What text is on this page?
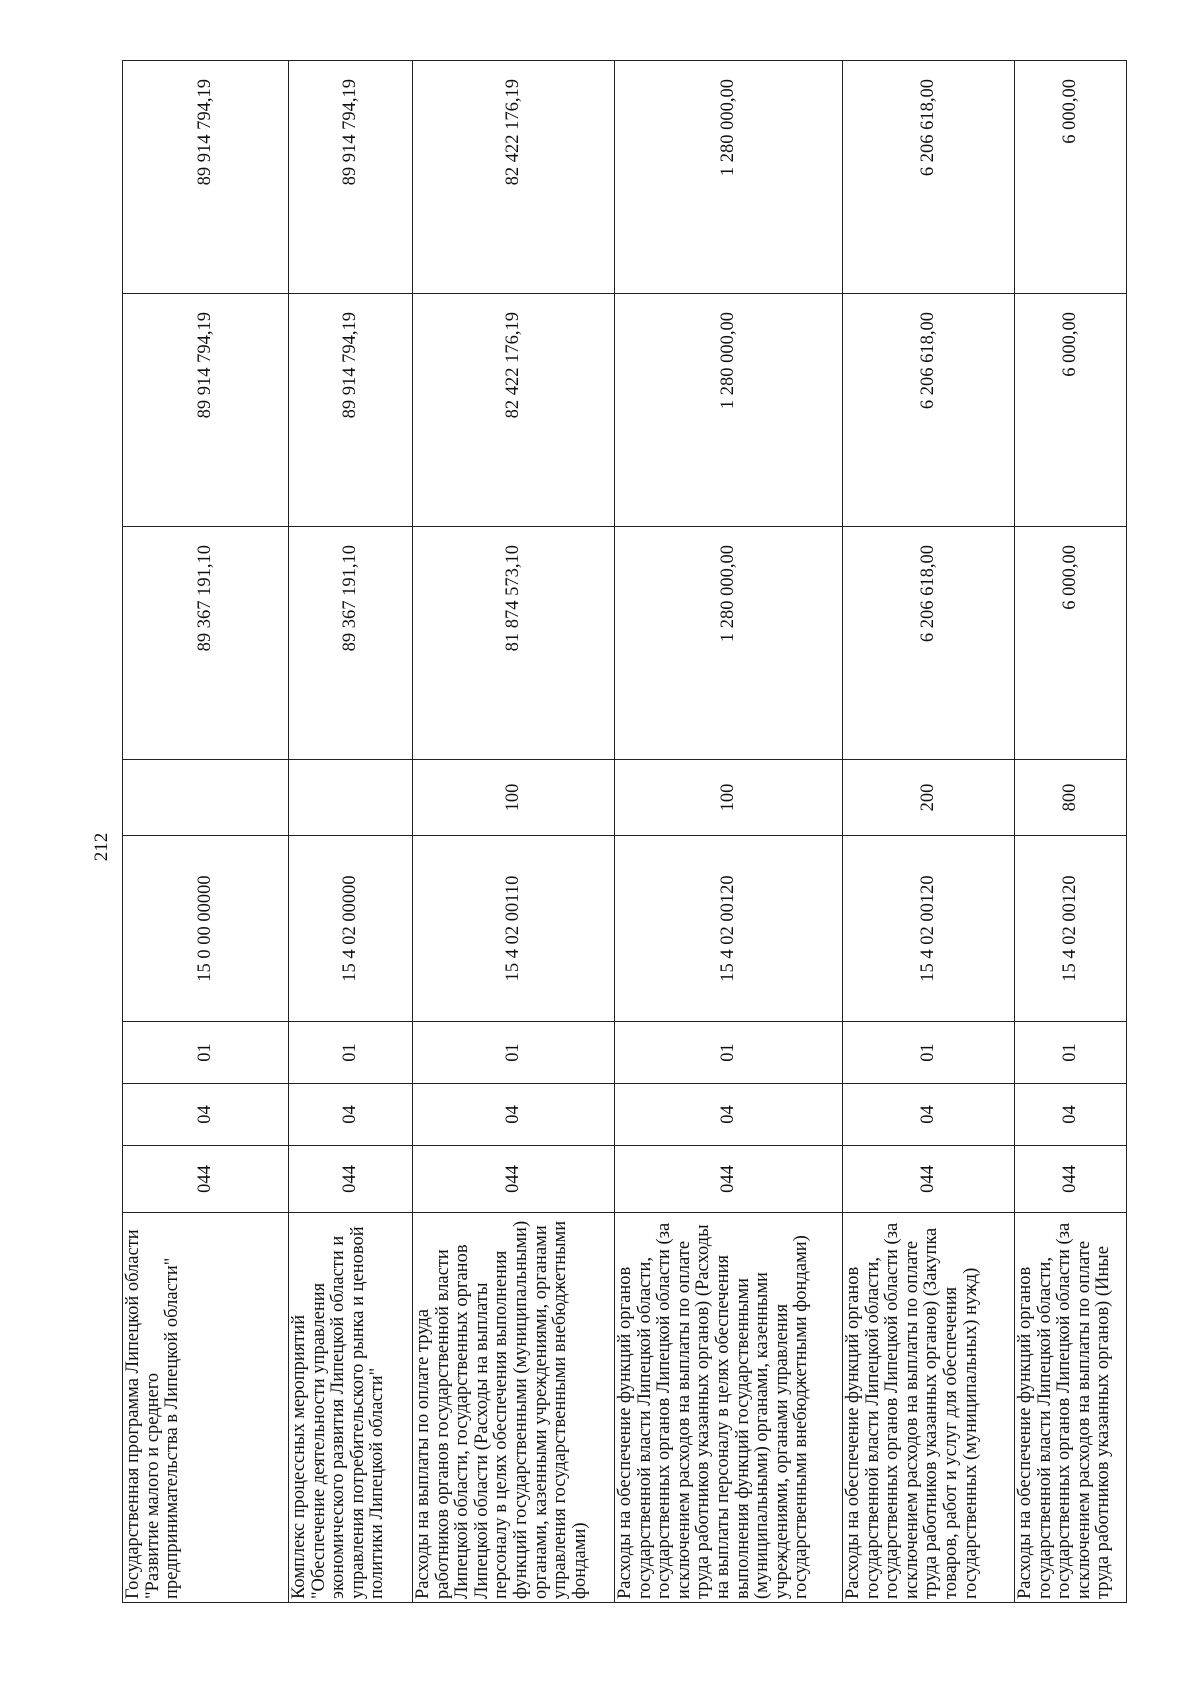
212
Государственная программа Липецкой области "Развитие малого и среднего предпринимательства в Липецкой области"	044	04	01	15 0 00 00000		89 367 191,10	89 914 794,19	89 914 794,19
Комплекс процессных мероприятий "Обеспечение деятельности управления экономического развития Липецкой области и управления потребительского рынка и ценовой политики Липецкой области"	044	04	01	15 4 02 00000		89 367 191,10	89 914 794,19	89 914 794,19
Расходы на выплаты по оплате труда работников органов государственной власти Липецкой области, государственных органов Липецкой области (Расходы на выплаты персоналу в целях обеспечения выполнения функций государственными (муниципальными) органами, казенными учреждениями, органами управления государственными внебюджетными фондами)	044	04	01	15 4 02 00110	100	81 874 573,10	82 422 176,19	82 422 176,19
Расходы на обеспечение функций органов государственной власти Липецкой области, государственных органов Липецкой области (за исключением расходов на выплаты по оплате труда работников указанных органов) (Расходы на выплаты персоналу в целях обеспечения выполнения функций государственными (муниципальными) органами, казенными учреждениями, органами управления государственными внебюджетными фондами)	044	04	01	15 4 02 00120	100	1 280 000,00	1 280 000,00	1 280 000,00
Расходы на обеспечение функций органов государственной власти Липецкой области, государственных органов Липецкой области (за исключением расходов на выплаты по оплате труда работников указанных органов) (Закупка товаров, работ и услуг для обеспечения государственных (муниципальных) нужд)	044	04	01	15 4 02 00120	200	6 206 618,00	6 206 618,00	6 206 618,00
Расходы на обеспечение функций органов государственной власти Липецкой области, государственных органов Липецкой области (за исключением расходов на выплаты по оплате труда работников указанных органов) (Иные	044	04	01	15 4 02 00120	800	6 000,00	6 000,00	6 000,00
